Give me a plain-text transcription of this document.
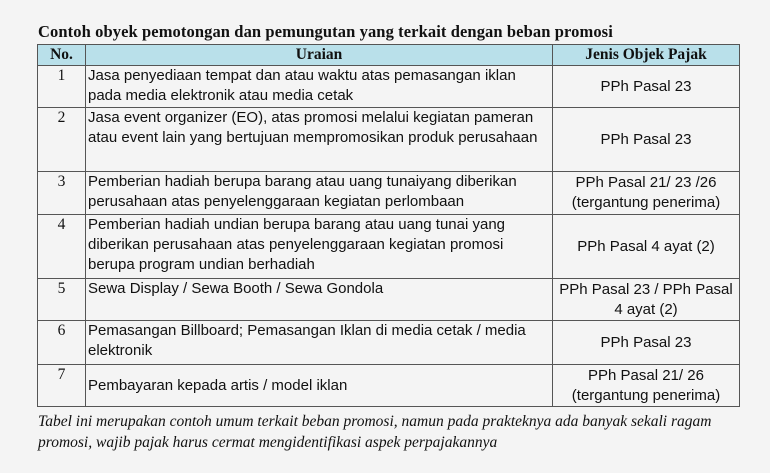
Contoh obyek pemotongan dan pemungutan yang terkait dengan beban promosi
No.	Uraian	Jenis Objek Pajak
1	Jasa penyediaan tempat dan atau waktu atas pemasangan iklan pada media elektronik atau media cetak	PPh Pasal 23
2	Jasa event organizer (EO), atas promosi melalui kegiatan pameran atau event lain yang bertujuan mempromosikan produk perusahaan	PPh Pasal 23
3	Pemberian hadiah berupa barang atau uang tunaiyang diberikan perusahaan atas penyelenggaraan kegiatan perlombaan	PPh Pasal 21/ 23 /26 (tergantung penerima)
4	Pemberian hadiah undian berupa barang atau uang tunai yang diberikan perusahaan atas penyelenggaraan kegiatan promosi berupa program undian berhadiah	PPh Pasal 4 ayat (2)
5	Sewa Display / Sewa Booth / Sewa Gondola	PPh Pasal 23 / PPh Pasal 4 ayat (2)
6	Pemasangan Billboard; Pemasangan Iklan di media cetak / media elektronik	PPh Pasal 23
7	Pembayaran kepada artis / model iklan	PPh Pasal 21/ 26 (tergantung penerima)
Tabel ini merupakan contoh umum terkait beban promosi, namun pada prakteknya ada banyak sekali ragam promosi, wajib pajak harus cermat mengidentifikasi aspek perpajakannya
